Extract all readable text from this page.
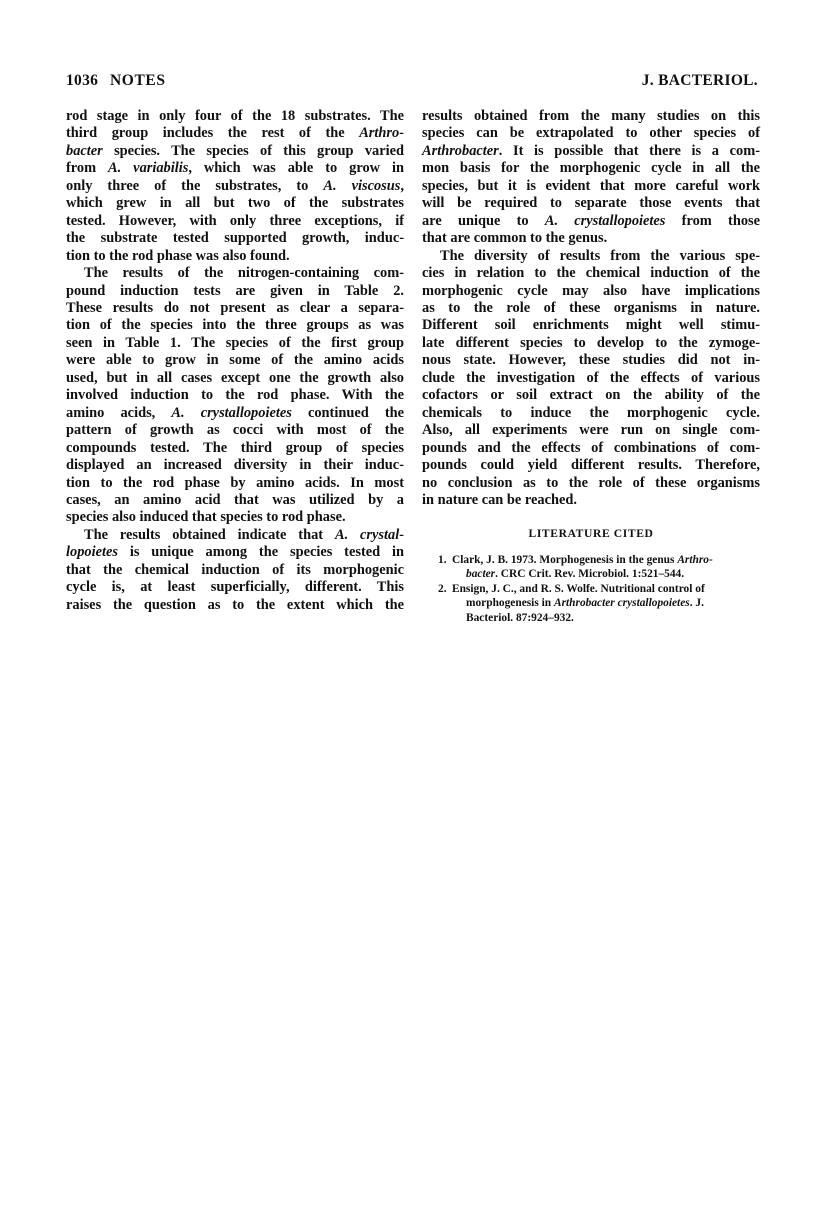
1036 NOTES	J. BACTERIOL.
rod stage in only four of the 18 substrates. The
third group includes the rest of the Arthro-
bacter species. The species of this group varied
from A. variabilis, which was able to grow in
only three of the substrates, to A. viscosus,
which grew in all but two of the substrates
tested. However, with only three exceptions, if
the substrate tested supported growth, induc-
tion to the rod phase was also found.
The results of the nitrogen-containing com-
pound induction tests are given in Table 2.
These results do not present as clear a separa-
tion of the species into the three groups as was
seen in Table 1. The species of the first group
were able to grow in some of the amino acids
used, but in all cases except one the growth also
involved induction to the rod phase. With the
amino acids, A. crystallopoietes continued the
pattern of growth as cocci with most of the
compounds tested. The third group of species
displayed an increased diversity in their induc-
tion to the rod phase by amino acids. In most
cases, an amino acid that was utilized by a
species also induced that species to rod phase.
The results obtained indicate that A. crystal-
lopoietes is unique among the species tested in
that the chemical induction of its morphogenic
cycle is, at least superficially, different. This
raises the question as to the extent which the
results obtained from the many studies on this
species can be extrapolated to other species of
Arthrobacter. It is possible that there is a com-
mon basis for the morphogenic cycle in all the
species, but it is evident that more careful work
will be required to separate those events that
are unique to A. crystallopoietes from those
that are common to the genus.
The diversity of results from the various spe-
cies in relation to the chemical induction of the
morphogenic cycle may also have implications
as to the role of these organisms in nature.
Different soil enrichments might well stimu-
late different species to develop to the zymoge-
nous state. However, these studies did not in-
clude the investigation of the effects of various
cofactors or soil extract on the ability of the
chemicals to induce the morphogenic cycle.
Also, all experiments were run on single com-
pounds and the effects of combinations of com-
pounds could yield different results. Therefore,
no conclusion as to the role of these organisms
in nature can be reached.
LITERATURE CITED
1. Clark, J. B. 1973. Morphogenesis in the genus Arthro-
bacter. CRC Crit. Rev. Microbiol. 1:521–544.
2. Ensign, J. C., and R. S. Wolfe. Nutritional control of
morphogenesis in Arthrobacter crystallopoietes. J.
Bacteriol. 87:924–932.
